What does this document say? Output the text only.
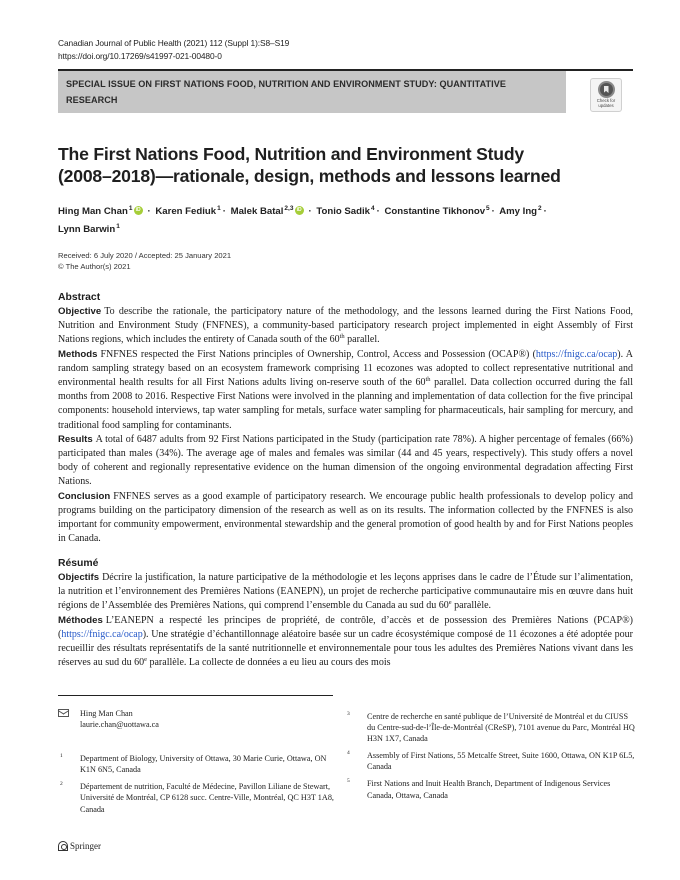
Canadian Journal of Public Health (2021) 112 (Suppl 1):S8–S19
https://doi.org/10.17269/s41997-021-00480-0
SPECIAL ISSUE ON FIRST NATIONS FOOD, NUTRITION AND ENVIRONMENT STUDY: QUANTITATIVE
RESEARCH	Check for
updates
The First Nations Food, Nutrition and Environment Study
(2008–2018)—rationale, design, methods and lessons learned
Hing Man Chan$^1$ iD · Karen Fediuk$^1$ · Malek Batal$^{2,3}$ iD · Tonio Sadik$^4$ · Constantine Tikhonov$^5$ · Amy Ing$^2$ ·
Lynn Barwin$^1$
Received: 6 July 2020 / Accepted: 25 January 2021
© The Author(s) 2021
Abstract

Objective To describe the rationale, the participatory nature of the methodology, and the lessons learned during the First Nations Food, Nutrition and Environment Study (FNFNES), a community-based participatory research project implemented in eight Assembly of First Nations regions, which includes the entirety of Canada south of the 60th parallel.

Methods FNFNES respected the First Nations principles of Ownership, Control, Access and Possession (OCAP®) (https://fnigc.ca/ocap). A random sampling strategy based on an ecosystem framework comprising 11 ecozones was adopted to collect representative nutritional and environmental health results for all First Nations adults living on-reserve south of the 60th parallel. Data collection occurred during the fall months from 2008 to 2016. Respective First Nations were involved in the planning and implementation of data collection for the five principal components: household interviews, tap water sampling for metals, surface water sampling for pharmaceuticals, hair sampling for mercury, and traditional food sampling for contaminants.

Results A total of 6487 adults from 92 First Nations participated in the Study (participation rate 78%). A higher percentage of females (66%) participated than males (34%). The average age of males and females was similar (44 and 45 years, respectively). This study offers a novel body of coherent and regionally representative evidence on the human dimension of the ongoing environmental degradation affecting First Nations.

Conclusion FNFNES serves as a good example of participatory research. We encourage public health professionals to develop policy and programs building on the participatory dimension of the research as well as on its results. The information collected by the FNFNES is also important for community empowerment, environmental stewardship and the general promotion of good health by and for First Nations peoples in Canada.

Résumé

Objectifs Décrire la justification, la nature participative de la méthodologie et les leçons apprises dans le cadre de l’Étude sur l’alimentation, la nutrition et l’environnement des Premières Nations (EANEPN), un projet de recherche participative communautaire mis en œuvre dans huit régions de l’Assemblée des Premières Nations, qui comprend l’ensemble du Canada au sud du 60e parallèle.

Méthodes L’EANEPN a respecté les principes de propriété, de contrôle, d’accès et de possession des Premières Nations (PCAP®) (https://fnigc.ca/ocap). Une stratégie d’échantillonnage aléatoire basée sur un cadre écosystémique composé de 11 écozones a été adoptée pour recueillir des résultats représentatifs de la santé nutritionnelle et environnementale pour tous les adultes des Premières Nations vivant dans les réserves au sud du 60e parallèle. La collecte de données a eu lieu au cours des mois

Hing Man Chan
laurie.chan@uottawa.ca
1 Department of Biology, University of Ottawa, 30 Marie Curie, Ottawa, ON K1N 6N5, Canada
2 Département de nutrition, Faculté de Médecine, Pavillon Liliane de Stewart, Université de Montréal, CP 6128 succ. Centre-Ville, Montréal, QC H3T 1A8, Canada
3 Centre de recherche en santé publique de l’Université de Montréal et du CIUSS du Centre-sud-de-l’Île-de-Montréal (CReSP), 7101 avenue du Parc, Montréal HQ H3N 1X7, Canada
4 Assembly of First Nations, 55 Metcalfe Street, Suite 1600, Ottawa, ON K1P 6L5, Canada
5 First Nations and Inuit Health Branch, Department of Indigenous Services Canada, Ottawa, Canada
Springer
